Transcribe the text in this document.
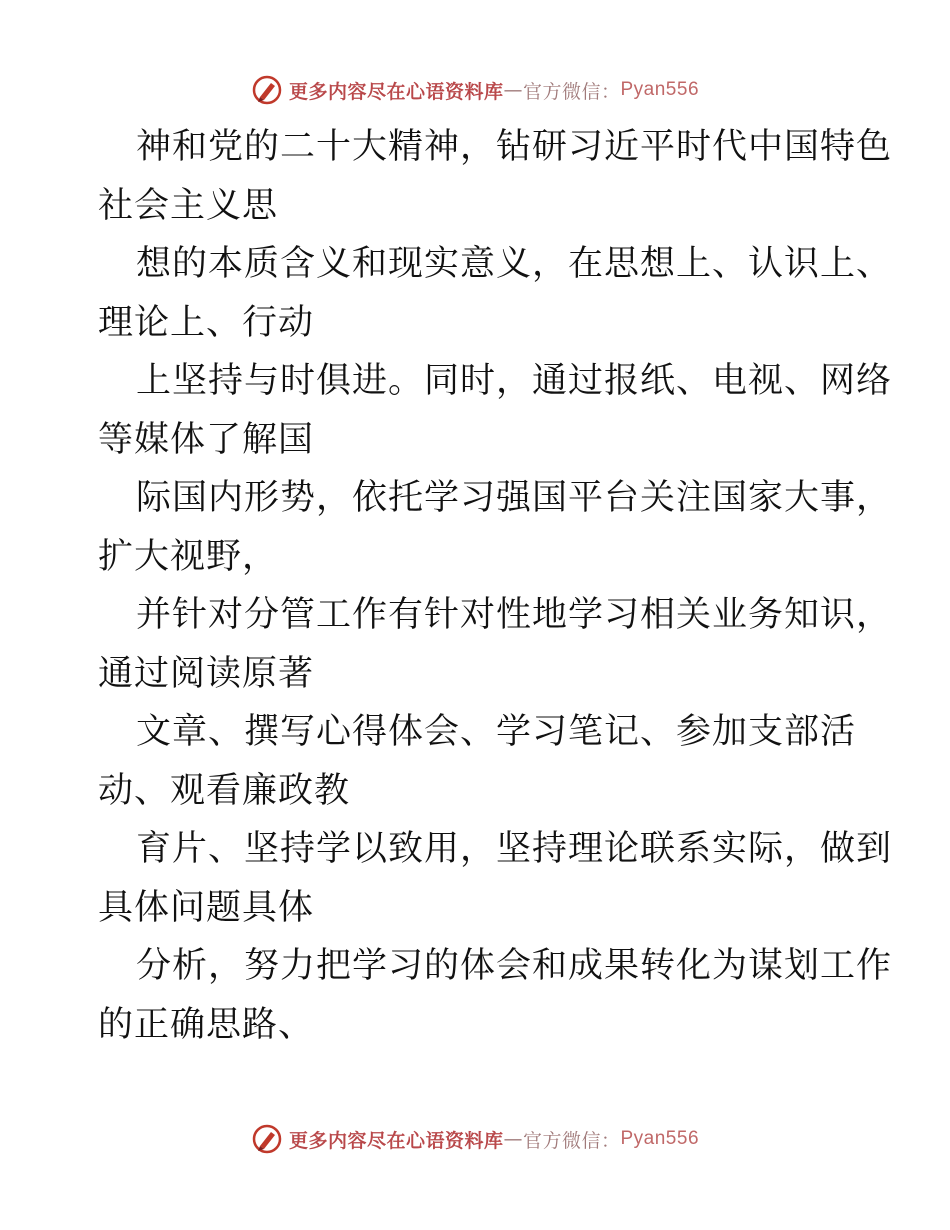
更多内容尽在心语资料库 — 官方微信： Pyan556
神和党的二十大精神，钻研习近平时代中国特色
社会主义思
想的本质含义和现实意义，在思想上、认识上、
理论上、行动
上坚持与时俱进。同时，通过报纸、电视、网络
等媒体了解国
际国内形势，依托学习强国平台关注国家大事，
扩大视野，
并针对分管工作有针对性地学习相关业务知识，
通过阅读原著
文章、撰写心得体会、学习笔记、参加支部活
动、观看廉政教
育片、坚持学以致用，坚持理论联系实际，做到
具体问题具体
分析，努力把学习的体会和成果转化为谋划工作
的正确思路、
更多内容尽在心语资料库 — 官方微信： Pyan556
